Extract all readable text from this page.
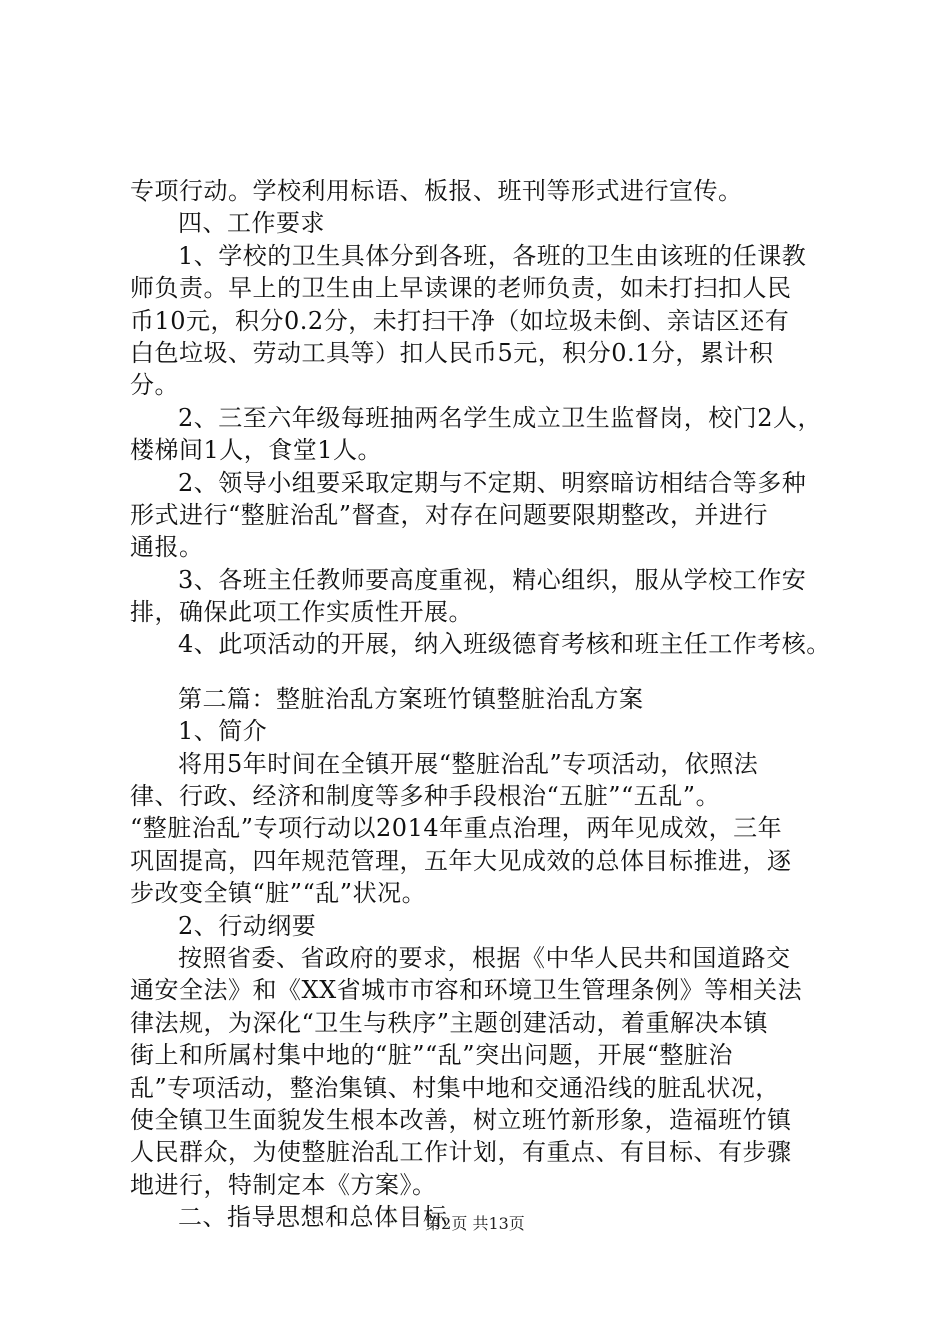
专项行动。学校利用标语、板报、班刊等形式进行宣传。
四、工作要求
1、学校的卫生具体分到各班，各班的卫生由该班的任课教
师负责。早上的卫生由上早读课的老师负责，如未打扫扣人民
币10元，积分0.2分，未打扫干净（如垃圾未倒、亲诘区还有
白色垃圾、劳动工具等）扣人民币5元，积分0.1分，累计积
分。
2、三至六年级每班抽两名学生成立卫生监督岗，校门2人，
楼梯间1人，食堂1人。
2、领导小组要采取定期与不定期、明察暗访相结合等多种
形式进行“整脏治乱”督查，对存在问题要限期整改，并进行
通报。
3、各班主任教师要高度重视，精心组织，服从学校工作安
排，确保此项工作实质性开展。
4、此项活动的开展，纳入班级德育考核和班主任工作考核。
第二篇：整脏治乱方案班竹镇整脏治乱方案
1、简介
将用5年时间在全镇开展“整脏治乱”专项活动，依照法
律、行政、经济和制度等多种手段根治“五脏”“五乱”。
“整脏治乱”专项行动以2014年重点治理，两年见成效，三年
巩固提高，四年规范管理，五年大见成效的总体目标推进，逐
步改变全镇“脏”“乱”状况。
2、行动纲要
按照省委、省政府的要求，根据《中华人民共和国道路交
通安全法》和《XX省城市市容和环境卫生管理条例》等相关法
律法规，为深化“卫生与秩序”主题创建活动，着重解决本镇
街上和所属村集中地的“脏”“乱”突出问题，开展“整脏治
乱”专项活动，整治集镇、村集中地和交通沿线的脏乱状况，
使全镇卫生面貌发生根本改善，树立班竹新形象，造福班竹镇
人民群众，为使整脏治乱工作计划，有重点、有目标、有步骤
地进行，特制定本《方案》。
二、指导思想和总体目标
第2页 共13页
